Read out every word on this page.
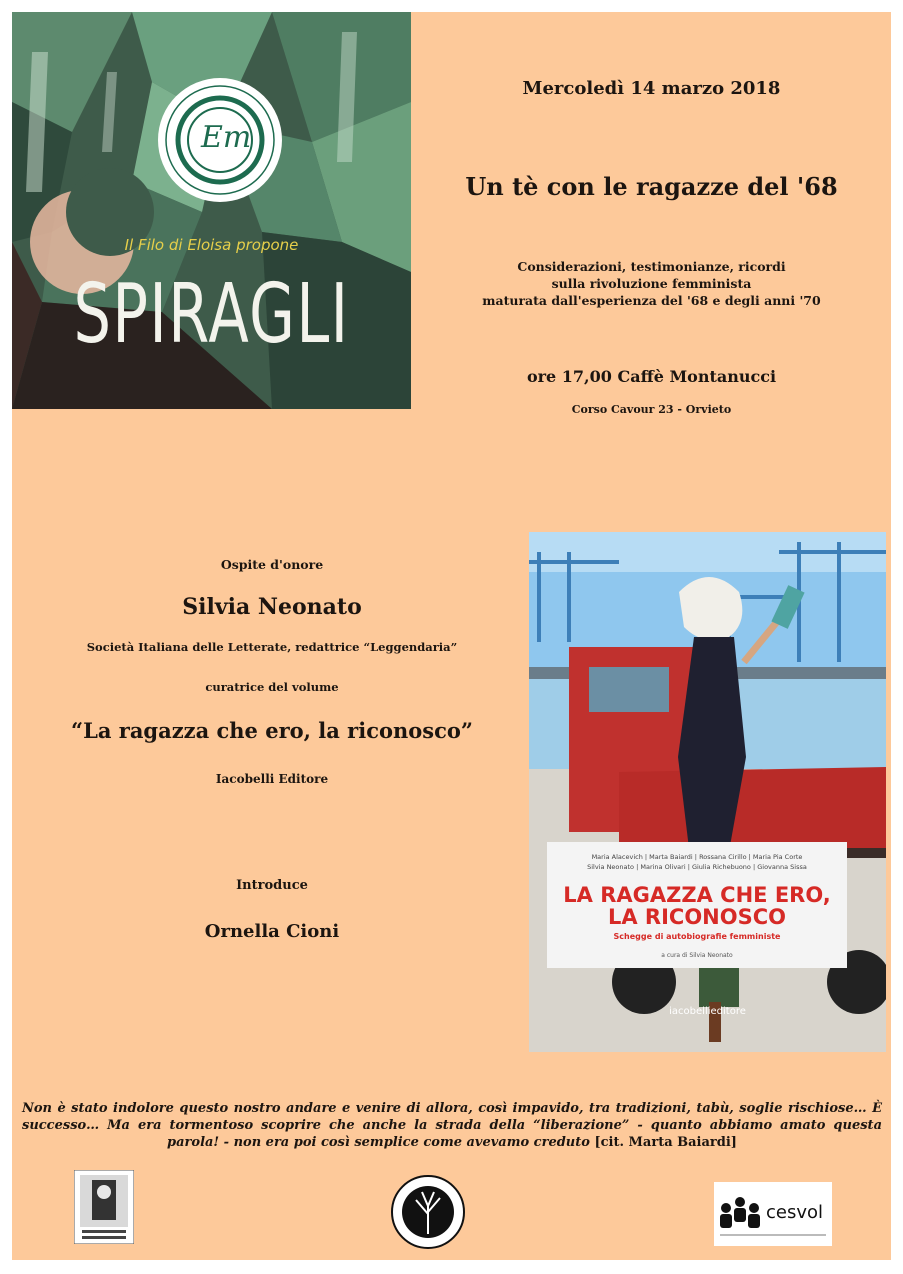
Em
Il Filo di Eloisa propone
SPIRAGLI
Mercoledì 14 marzo 2018
Un tè con le ragazze del '68
Considerazioni, testimonianze, ricordi
sulla rivoluzione femminista
maturata dall'esperienza del '68 e degli anni '70
ore 17,00 Caffè Montanucci
Corso Cavour 23 - Orvieto
Ospite d'onore
Silvia Neonato
Società Italiana delle Letterate, redattrice “Leggendaria”
curatrice del volume
“La ragazza che ero, la riconosco”
Iacobelli Editore
Introduce
Ornella Cioni
Maria Alacevich | Marta Baiardi | Rossana Cirillo | Maria Pia Corte
Silvia Neonato | Marina Olivari | Giulia Richebuono | Giovanna Sissa
LA RAGAZZA CHE ERO,
LA RICONOSCO
Schegge di autobiografie femministe
a cura di Silvia Neonato
iacobellieditore
Non è stato indolore questo nostro andare e venire di allora, così impavido, tra tradizioni, tabù, soglie rischiose… È successo… Ma era tormentoso scoprire che anche la strada della “liberazione” - quanto abbiamo amato questa parola! - non era poi così semplice come avevamo creduto [cit. Marta Baiardi]
cesvol
